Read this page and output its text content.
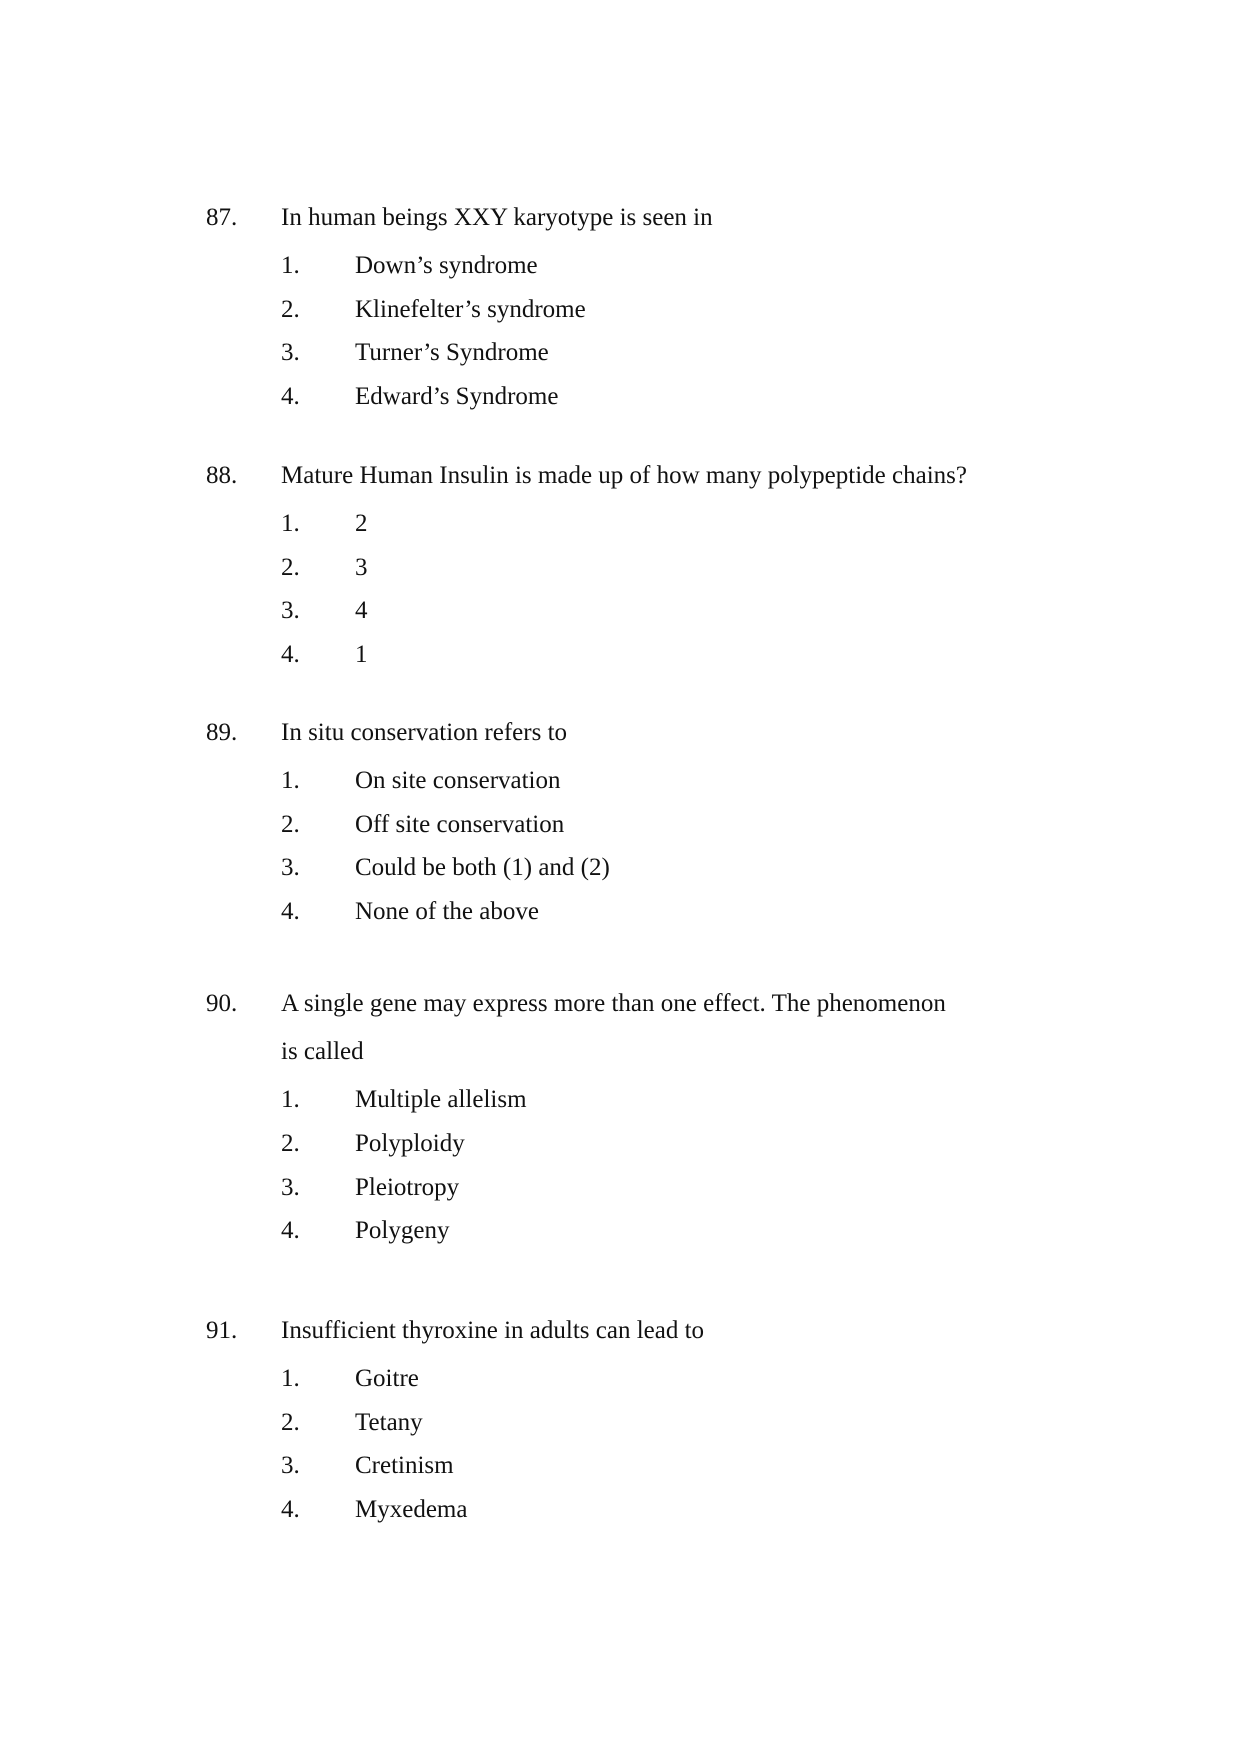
87. In human beings XXY karyotype is seen in
1. Down’s syndrome
2. Klinefelter’s syndrome
3. Turner’s Syndrome
4. Edward’s Syndrome
88. Mature Human Insulin is made up of how many polypeptide chains?
1. 2
2. 3
3. 4
4. 1
89. In situ conservation refers to
1. On site conservation
2. Off site conservation
3. Could be both (1) and (2)
4. None of the above
90. A single gene may express more than one effect. The phenomenon
is called
1. Multiple allelism
2. Polyploidy
3. Pleiotropy
4. Polygeny
91. Insufficient thyroxine in adults can lead to
1. Goitre
2. Tetany
3. Cretinism
4. Myxedema
